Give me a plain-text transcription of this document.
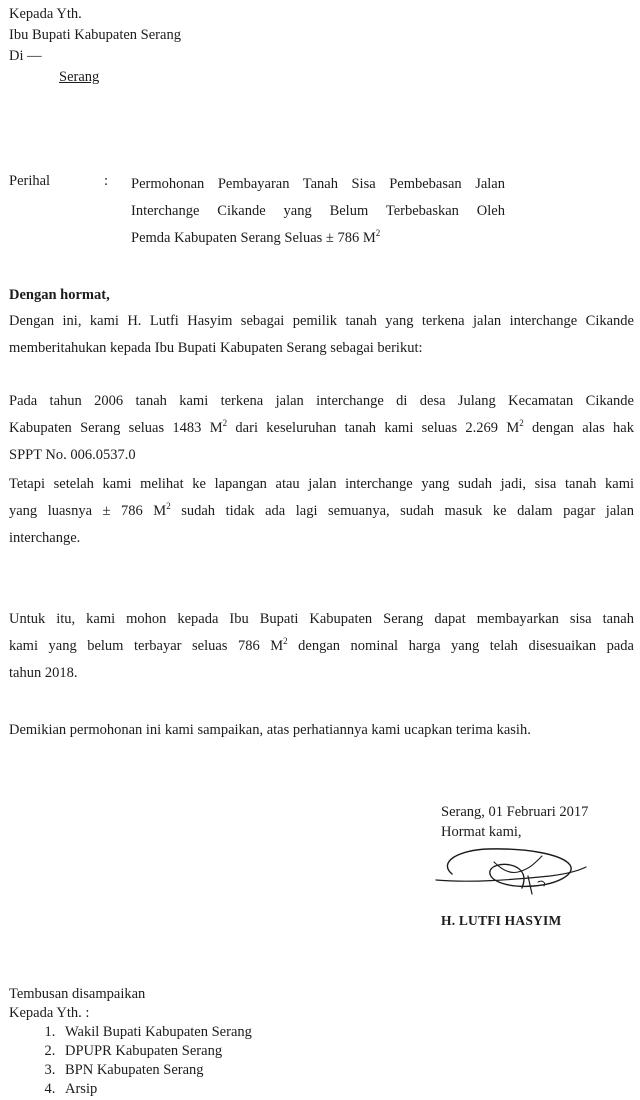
Kepada Yth.
Ibu Bupati Kabupaten Serang
Di —
Serang
Perihal	: Permohonan Pembayaran Tanah Sisa Pembebasan Jalan
Interchange Cikande yang Belum Terbebaskan Oleh
Pemda Kabupaten Serang Seluas ± 786 $M^2$
Dengan hormat,
Dengan ini, kami H. Lutfi Hasyim sebagai pemilik tanah yang terkena jalan interchange Cikande
memberitahukan kepada Ibu Bupati Kabupaten Serang sebagai berikut:
Pada tahun 2006 tanah kami terkena jalan interchange di desa Julang Kecamatan Cikande
Kabupaten Serang seluas 1483 $M^2$ dari keseluruhan tanah kami seluas 2.269 $M^2$ dengan alas hak
SPPT No. 006.0537.0
Tetapi setelah kami melihat ke lapangan atau jalan interchange yang sudah jadi, sisa tanah kami
yang luasnya ± 786 $M^2$ sudah tidak ada lagi semuanya, sudah masuk ke dalam pagar jalan
interchange.
Untuk itu, kami mohon kepada Ibu Bupati Kabupaten Serang dapat membayarkan sisa tanah
kami yang belum terbayar seluas 786 $M^2$ dengan nominal harga yang telah disesuaikan pada
tahun 2018.
Demikian permohonan ini kami sampaikan, atas perhatiannya kami ucapkan terima kasih.
Serang, 01 Februari 2017
Hormat kami,
H. LUTFI HASYIM
Tembusan disampaikan
Kepada Yth. :
1. Wakil Bupati Kabupaten Serang
2. DPUPR Kabupaten Serang
3. BPN Kabupaten Serang
4. Arsip
